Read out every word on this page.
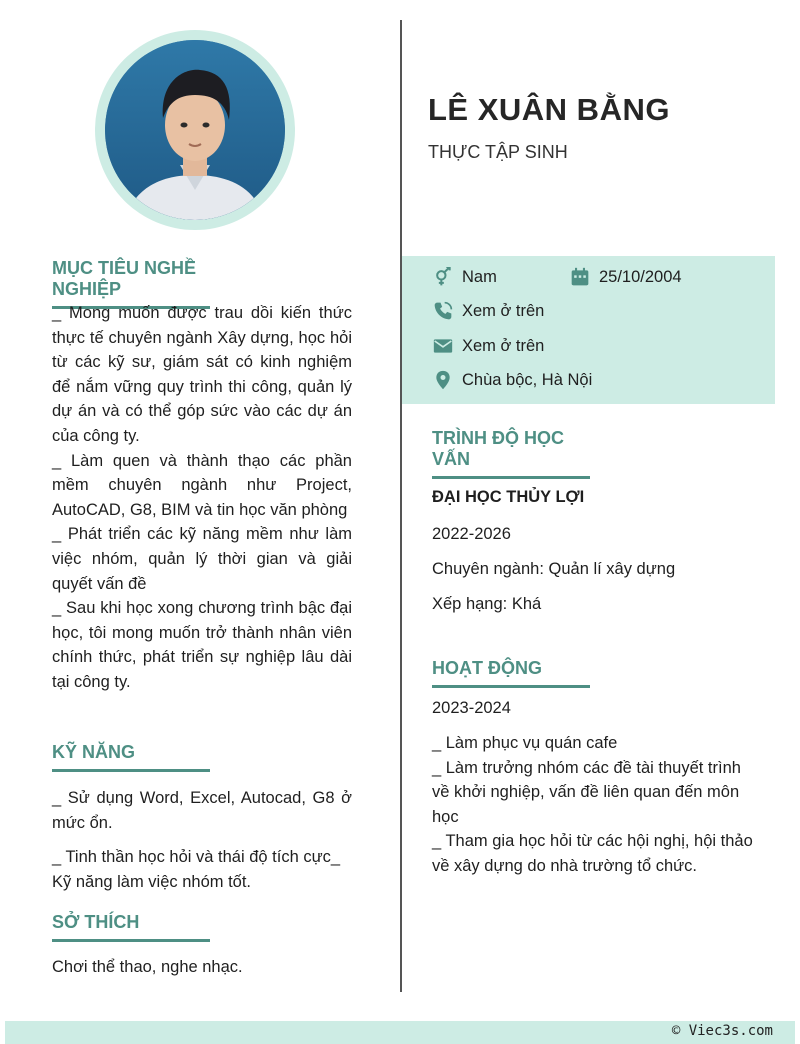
MỤC TIÊU NGHỀ NGHIỆP
_ Mong muốn được trau dồi kiến thức thực tế chuyên ngành Xây dựng, học hỏi từ các kỹ sư, giám sát có kinh nghiệm để nắm vững quy trình thi công, quản lý dự án và có thể góp sức vào các dự án của công ty.
_ Làm quen và thành thạo các phần mềm chuyên ngành như Project, AutoCAD, G8, BIM và tin học văn phòng
_ Phát triển các kỹ năng mềm như làm việc nhóm, quản lý thời gian và giải quyết vấn đề
_ Sau khi học xong chương trình bậc đại học, tôi mong muốn trở thành nhân viên chính thức, phát triển sự nghiệp lâu dài tại công ty.
KỸ NĂNG
_ Sử dụng Word, Excel, Autocad, G8 ở mức ổn.
_ Tinh thần học hỏi và thái độ tích cực_ Kỹ năng làm việc nhóm tốt.
SỞ THÍCH
Chơi thể thao, nghe nhạc.
LÊ XUÂN BẰNG
THỰC TẬP SINH
Nam	25/10/2004
Xem ở trên
Xem ở trên
Chùa bộc, Hà Nội
TRÌNH ĐỘ HỌC VẤN
ĐẠI HỌC THỦY LỢI
2022-2026
Chuyên ngành: Quản lí xây dựng
Xếp hạng: Khá
HOẠT ĐỘNG
2023-2024
_ Làm phục vụ quán cafe
_ Làm trưởng nhóm các đề tài thuyết trình về khởi nghiệp, vấn đề liên quan đến môn học
_ Tham gia học hỏi từ các hội nghị, hội thảo về xây dựng do nhà trường tổ chức.
© Viec3s.com
